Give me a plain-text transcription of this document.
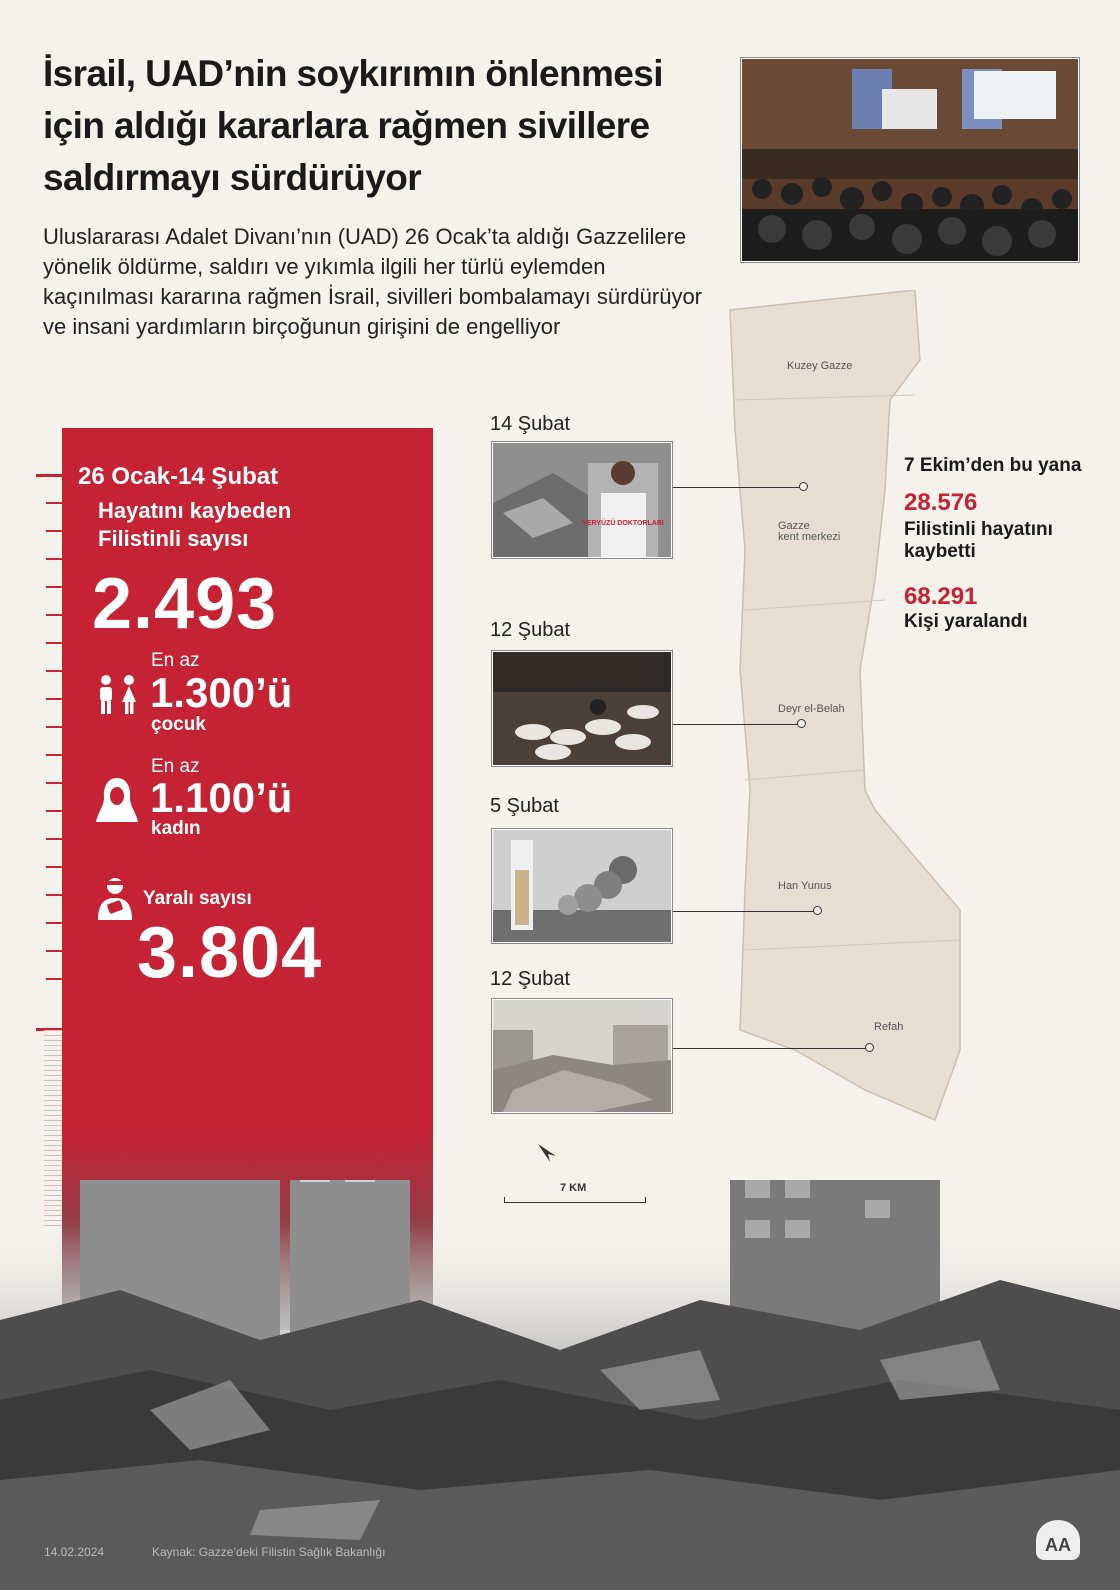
İsrail, UAD’nin soykırımın önlenmesi için aldığı kararlara rağmen sivillere saldırmayı sürdürüyor
Uluslararası Adalet Divanı’nın (UAD) 26 Ocak’ta aldığı Gazzelilere yönelik öldürme, saldırı ve yıkımla ilgili her türlü eylemden kaçınılması kararına rağmen İsrail, sivilleri bombalamayı sürdürüyor ve insani yardımların birçoğunun girişini de engelliyor
Kuzey Gazze
Gazze
kent merkezi
Deyr el-Belah
Han Yunus
Refah
14 Şubat
YERYÜZÜ DOKTORLARI
12 Şubat
5 Şubat
12 Şubat
7 KM
7 Ekim’den bu yana
28.576
Filistinli hayatını kaybetti
68.291
Kişi yaralandı
26 Ocak-14 Şubat
Hayatını kaybeden Filistinli sayısı
2.493
En az
1.300’ü
çocuk
En az
1.100’ü
kadın
Yaralı sayısı
3.804
14.02.2024	Kaynak: Gazze’deki Filistin Sağlık Bakanlığı	AA
